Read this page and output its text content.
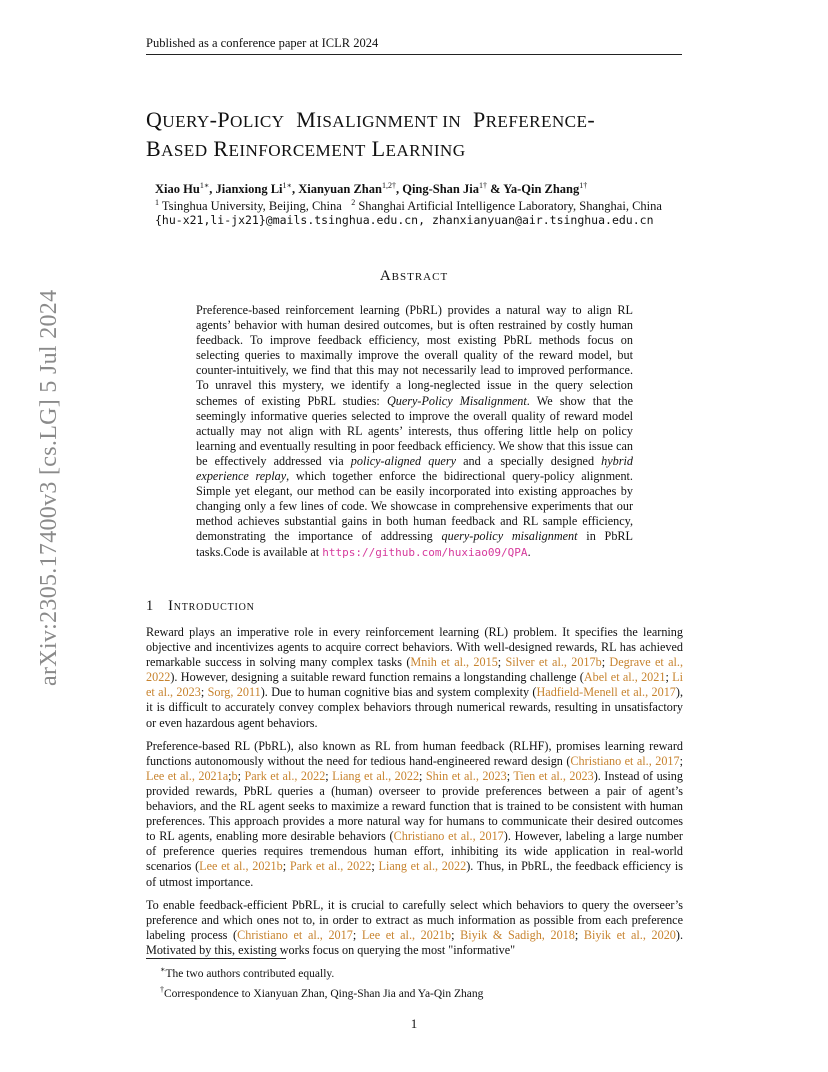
Published as a conference paper at ICLR 2024
arXiv:2305.17400v3 [cs.LG] 5 Jul 2024
QUERY-POLICY MISALIGNMENT IN PREFERENCE-
BASED REINFORCEMENT LEARNING
Xiao $Hu^{1∗}$, Jianxiong $Li^{1∗}$, Xianyuan Zhan$^{1,2\dagger}$, Qing-Shan Jia$^{1\dagger}$ & Ya-Qin Zhang$^{1\dagger}$
$^1$ Tsinghua University, Beijing, China $^2$ Shanghai Artificial Intelligence Laboratory, Shanghai, China
{hu-x21,li-jx21}@mails.tsinghua.edu.cn, zhanxianyuan@air.tsinghua.edu.cn
Abstract
Preference-based reinforcement learning (PbRL) provides a natural way to align RL agents’ behavior with human desired outcomes, but is often restrained by costly human feedback. To improve feedback efficiency, most existing PbRL methods focus on selecting queries to maximally improve the overall quality of the reward model, but counter-intuitively, we find that this may not necessarily lead to improved performance. To unravel this mystery, we identify a long-neglected issue in the query selection schemes of existing PbRL studies: Query-Policy Misalignment. We show that the seemingly informative queries selected to improve the overall quality of reward model actually may not align with RL agents’ interests, thus offering little help on policy learning and eventually resulting in poor feedback efficiency. We show that this issue can be effectively addressed via policy-aligned query and a specially designed hybrid experience replay, which together enforce the bidirectional query-policy alignment. Simple yet elegant, our method can be easily incorporated into existing approaches by changing only a few lines of code. We showcase in comprehensive experiments that our method achieves substantial gains in both human feedback and RL sample efficiency, demonstrating the importance of addressing query-policy misalignment in PbRL tasks.Code is available at https://github.com/huxiao09/QPA.
1 Introduction

Reward plays an imperative role in every reinforcement learning (RL) problem. It specifies the learning objective and incentivizes agents to acquire correct behaviors. With well-designed rewards, RL has achieved remarkable success in solving many complex tasks (Mnih et al., 2015; Silver et al., 2017b; Degrave et al., 2022). However, designing a suitable reward function remains a longstanding challenge (Abel et al., 2021; Li et al., 2023; Sorg, 2011). Due to human cognitive bias and system complexity (Hadfield-Menell et al., 2017), it is difficult to accurately convey complex behaviors through numerical rewards, resulting in unsatisfactory or even hazardous agent behaviors.

Preference-based RL (PbRL), also known as RL from human feedback (RLHF), promises learning reward functions autonomously without the need for tedious hand-engineered reward design (Christiano et al., 2017; Lee et al., 2021a;b; Park et al., 2022; Liang et al., 2022; Shin et al., 2023; Tien et al., 2023). Instead of using provided rewards, PbRL queries a (human) overseer to provide preferences between a pair of agent’s behaviors, and the RL agent seeks to maximize a reward function that is trained to be consistent with human preferences. This approach provides a more natural way for humans to communicate their desired outcomes to RL agents, enabling more desirable behaviors (Christiano et al., 2017). However, labeling a large number of preference queries requires tremendous human effort, inhibiting its wide application in real-world scenarios (Lee et al., 2021b; Park et al., 2022; Liang et al., 2022). Thus, in PbRL, the feedback efficiency is of utmost importance.

To enable feedback-efficient PbRL, it is crucial to carefully select which behaviors to query the overseer’s preference and which ones not to, in order to extract as much information as possible from each preference labeling process (Christiano et al., 2017; Lee et al., 2021b; Biyik & Sadigh, 2018; Biyik et al., 2020). Motivated by this, existing works focus on querying the most "informative"

∗The two authors contributed equally.
†Correspondence to Xianyuan Zhan, Qing-Shan Jia and Ya-Qin Zhang
1
